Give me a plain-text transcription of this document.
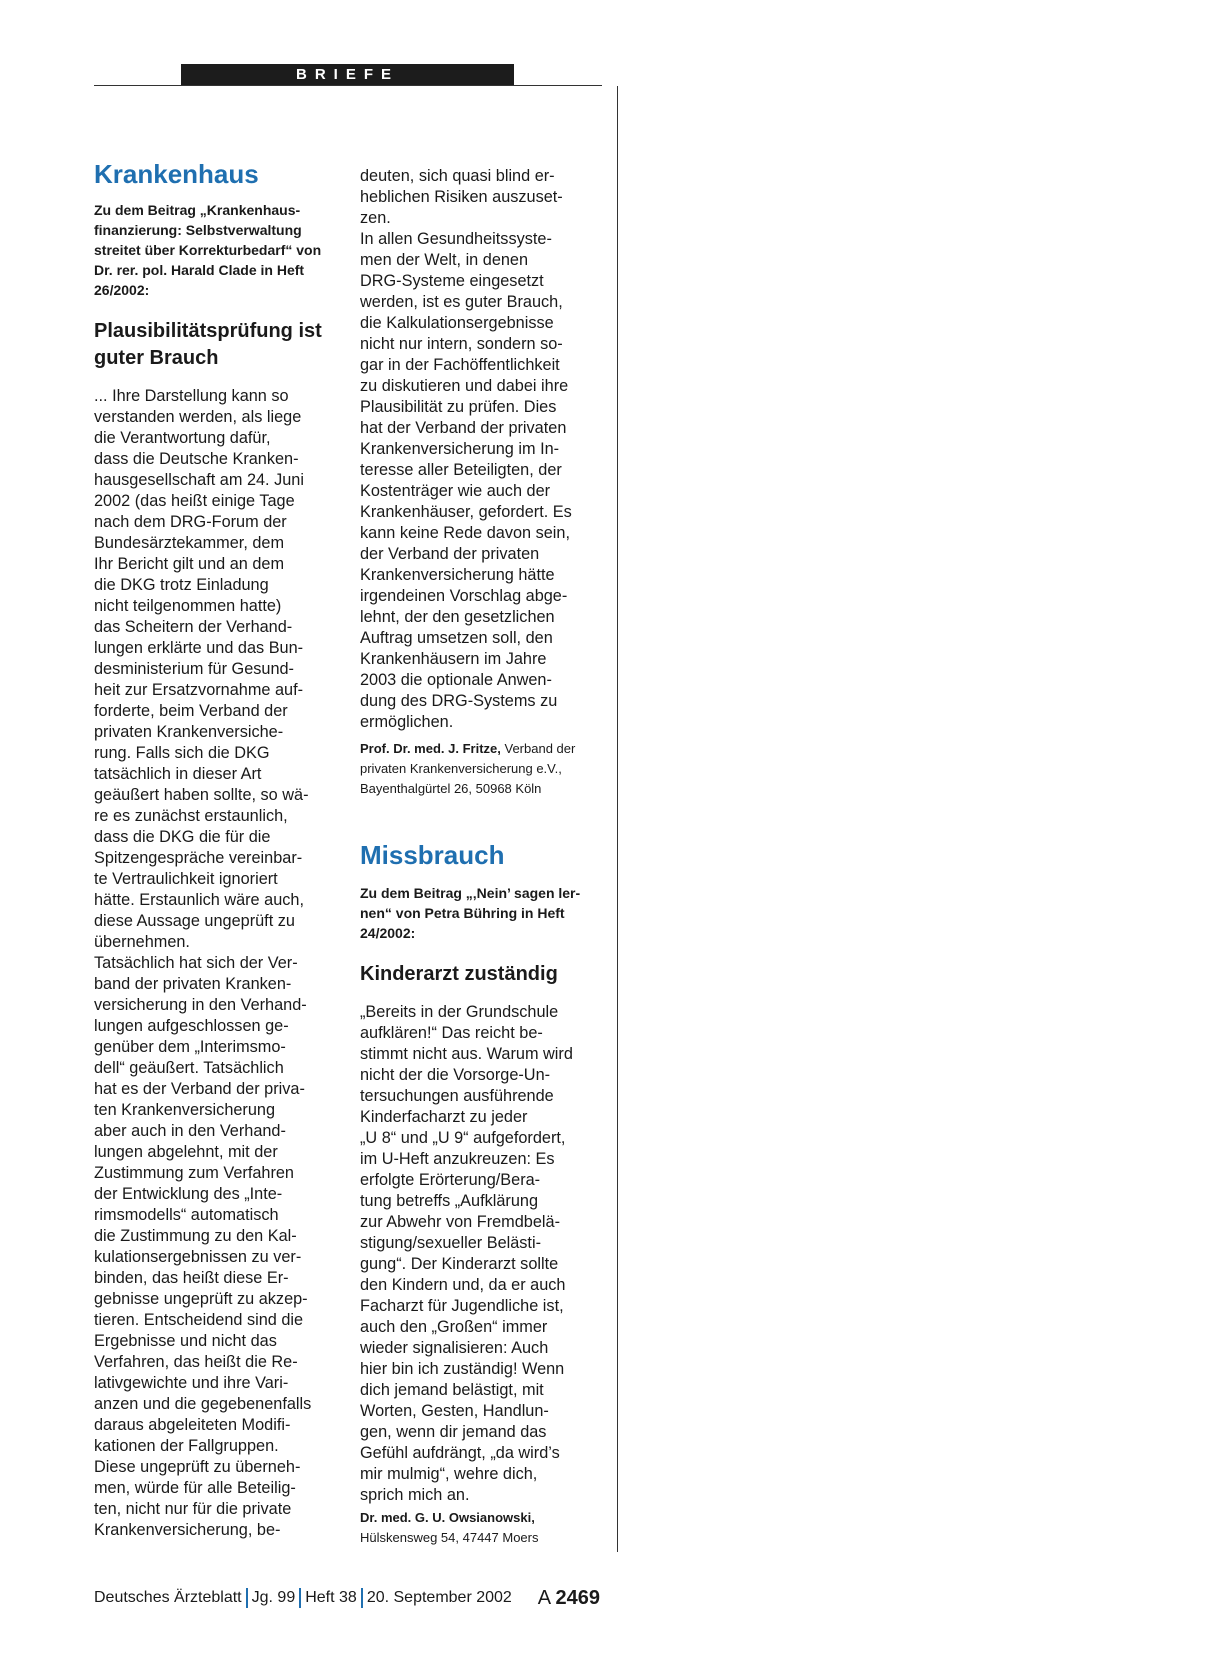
BRIEFE
Krankenhaus

Zu dem Beitrag „Krankenhaus-
finanzierung: Selbstverwaltung
streitet über Korrekturbedarf“ von
Dr. rer. pol. Harald Clade in Heft
26/2002:

Plausibilitätsprüfung ist
guter Brauch

... Ihre Darstellung kann so
verstanden werden, als liege
die Verantwortung dafür,
dass die Deutsche Kranken-
hausgesellschaft am 24. Juni
2002 (das heißt einige Tage
nach dem DRG-Forum der
Bundesärztekammer, dem
Ihr Bericht gilt und an dem
die DKG trotz Einladung
nicht teilgenommen hatte)
das Scheitern der Verhand-
lungen erklärte und das Bun-
desministerium für Gesund-
heit zur Ersatzvornahme auf-
forderte, beim Verband der
privaten Krankenversiche-
rung. Falls sich die DKG
tatsächlich in dieser Art
geäußert haben sollte, so wä-
re es zunächst erstaunlich,
dass die DKG die für die
Spitzengespräche vereinbar-
te Vertraulichkeit ignoriert
hätte. Erstaunlich wäre auch,
diese Aussage ungeprüft zu
übernehmen.
Tatsächlich hat sich der Ver-
band der privaten Kranken-
versicherung in den Verhand-
lungen aufgeschlossen ge-
genüber dem „Interimsmo-
dell“ geäußert. Tatsächlich
hat es der Verband der priva-
ten Krankenversicherung
aber auch in den Verhand-
lungen abgelehnt, mit der
Zustimmung zum Verfahren
der Entwicklung des „Inte-
rimsmodells“ automatisch
die Zustimmung zu den Kal-
kulationsergebnissen zu ver-
binden, das heißt diese Er-
gebnisse ungeprüft zu akzep-
tieren. Entscheidend sind die
Ergebnisse und nicht das
Verfahren, das heißt die Re-
lativgewichte und ihre Vari-
anzen und die gegebenenfalls
daraus abgeleiteten Modifi-
kationen der Fallgruppen.
Diese ungeprüft zu überneh-
men, würde für alle Beteilig-
ten, nicht nur für die private
Krankenversicherung, be-

deuten, sich quasi blind er-
heblichen Risiken auszuset-
zen.
In allen Gesundheitssyste-
men der Welt, in denen
DRG-Systeme eingesetzt
werden, ist es guter Brauch,
die Kalkulationsergebnisse
nicht nur intern, sondern so-
gar in der Fachöffentlichkeit
zu diskutieren und dabei ihre
Plausibilität zu prüfen. Dies
hat der Verband der privaten
Krankenversicherung im In-
teresse aller Beteiligten, der
Kostenträger wie auch der
Krankenhäuser, gefordert. Es
kann keine Rede davon sein,
der Verband der privaten
Krankenversicherung hätte
irgendeinen Vorschlag abge-
lehnt, der den gesetzlichen
Auftrag umsetzen soll, den
Krankenhäusern im Jahre
2003 die optionale Anwen-
dung des DRG-Systems zu
ermöglichen.

Prof. Dr. med. J. Fritze, Verband der
privaten Krankenversicherung e.V.,
Bayenthalgürtel 26, 50968 Köln

Missbrauch

Zu dem Beitrag „‚Nein’ sagen ler-
nen“ von Petra Bühring in Heft
24/2002:

Kinderarzt zuständig

„Bereits in der Grundschule
aufklären!“ Das reicht be-
stimmt nicht aus. Warum wird
nicht der die Vorsorge-Un-
tersuchungen ausführende
Kinderfacharzt zu jeder
„U 8“ und „U 9“ aufgefordert,
im U-Heft anzukreuzen: Es
erfolgte Erörterung/Bera-
tung betreffs „Aufklärung
zur Abwehr von Fremdbelä-
stigung/sexueller Belästi-
gung“. Der Kinderarzt sollte
den Kindern und, da er auch
Facharzt für Jugendliche ist,
auch den „Großen“ immer
wieder signalisieren: Auch
hier bin ich zuständig! Wenn
dich jemand belästigt, mit
Worten, Gesten, Handlun-
gen, wenn dir jemand das
Gefühl aufdrängt, „da wird’s
mir mulmig“, wehre dich,
sprich mich an.

Dr. med. G. U. Owsianowski,
Hülskensweg 54, 47447 Moers

Deutsches Ärzteblatt Jg. 99 Heft 38 20. September 2002 A 2469
